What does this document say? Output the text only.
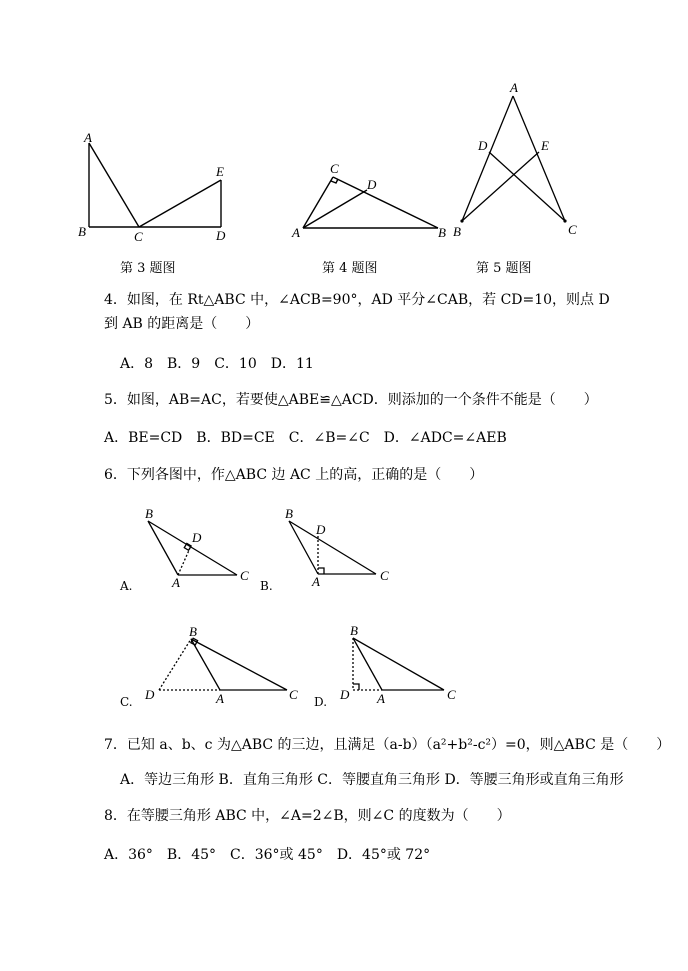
A
B	C	D
E	C
D
A	B
A
D	E
B	C
第 3 题图	第 4 题图	第 5 题图
4．如图，在 Rt△ABC 中，∠ACB=90°，AD 平分∠CAB，若 CD=10，则点 D
到 AB 的距离是（　　）
A．8　B．9　C．10　D．11
5．如图，AB=AC，若要使△ABE≌△ACD．则添加的一个条件不能是（　　）
A．BE=CD　B．BD=CE　C．∠B=∠C　D．∠ADC=∠AEB
6．下列各图中，作△ABC 边 AC 上的高，正确的是（　　）
B
D
A	C
A.
B
D
A	C
B.
B
D	A	C
C.
B
D A	C
D.
7．已知 a、b、c 为△ABC 的三边，且满足（a-b）（a²+b²-c²）=0，则△ABC 是（　　）
A．等边三角形 B．直角三角形 C．等腰直角三角形 D．等腰三角形或直角三角形
8．在等腰三角形 ABC 中，∠A=2∠B，则∠C 的度数为（　　）
A．36°　B．45°　C．36°或 45°　D．45°或 72°
